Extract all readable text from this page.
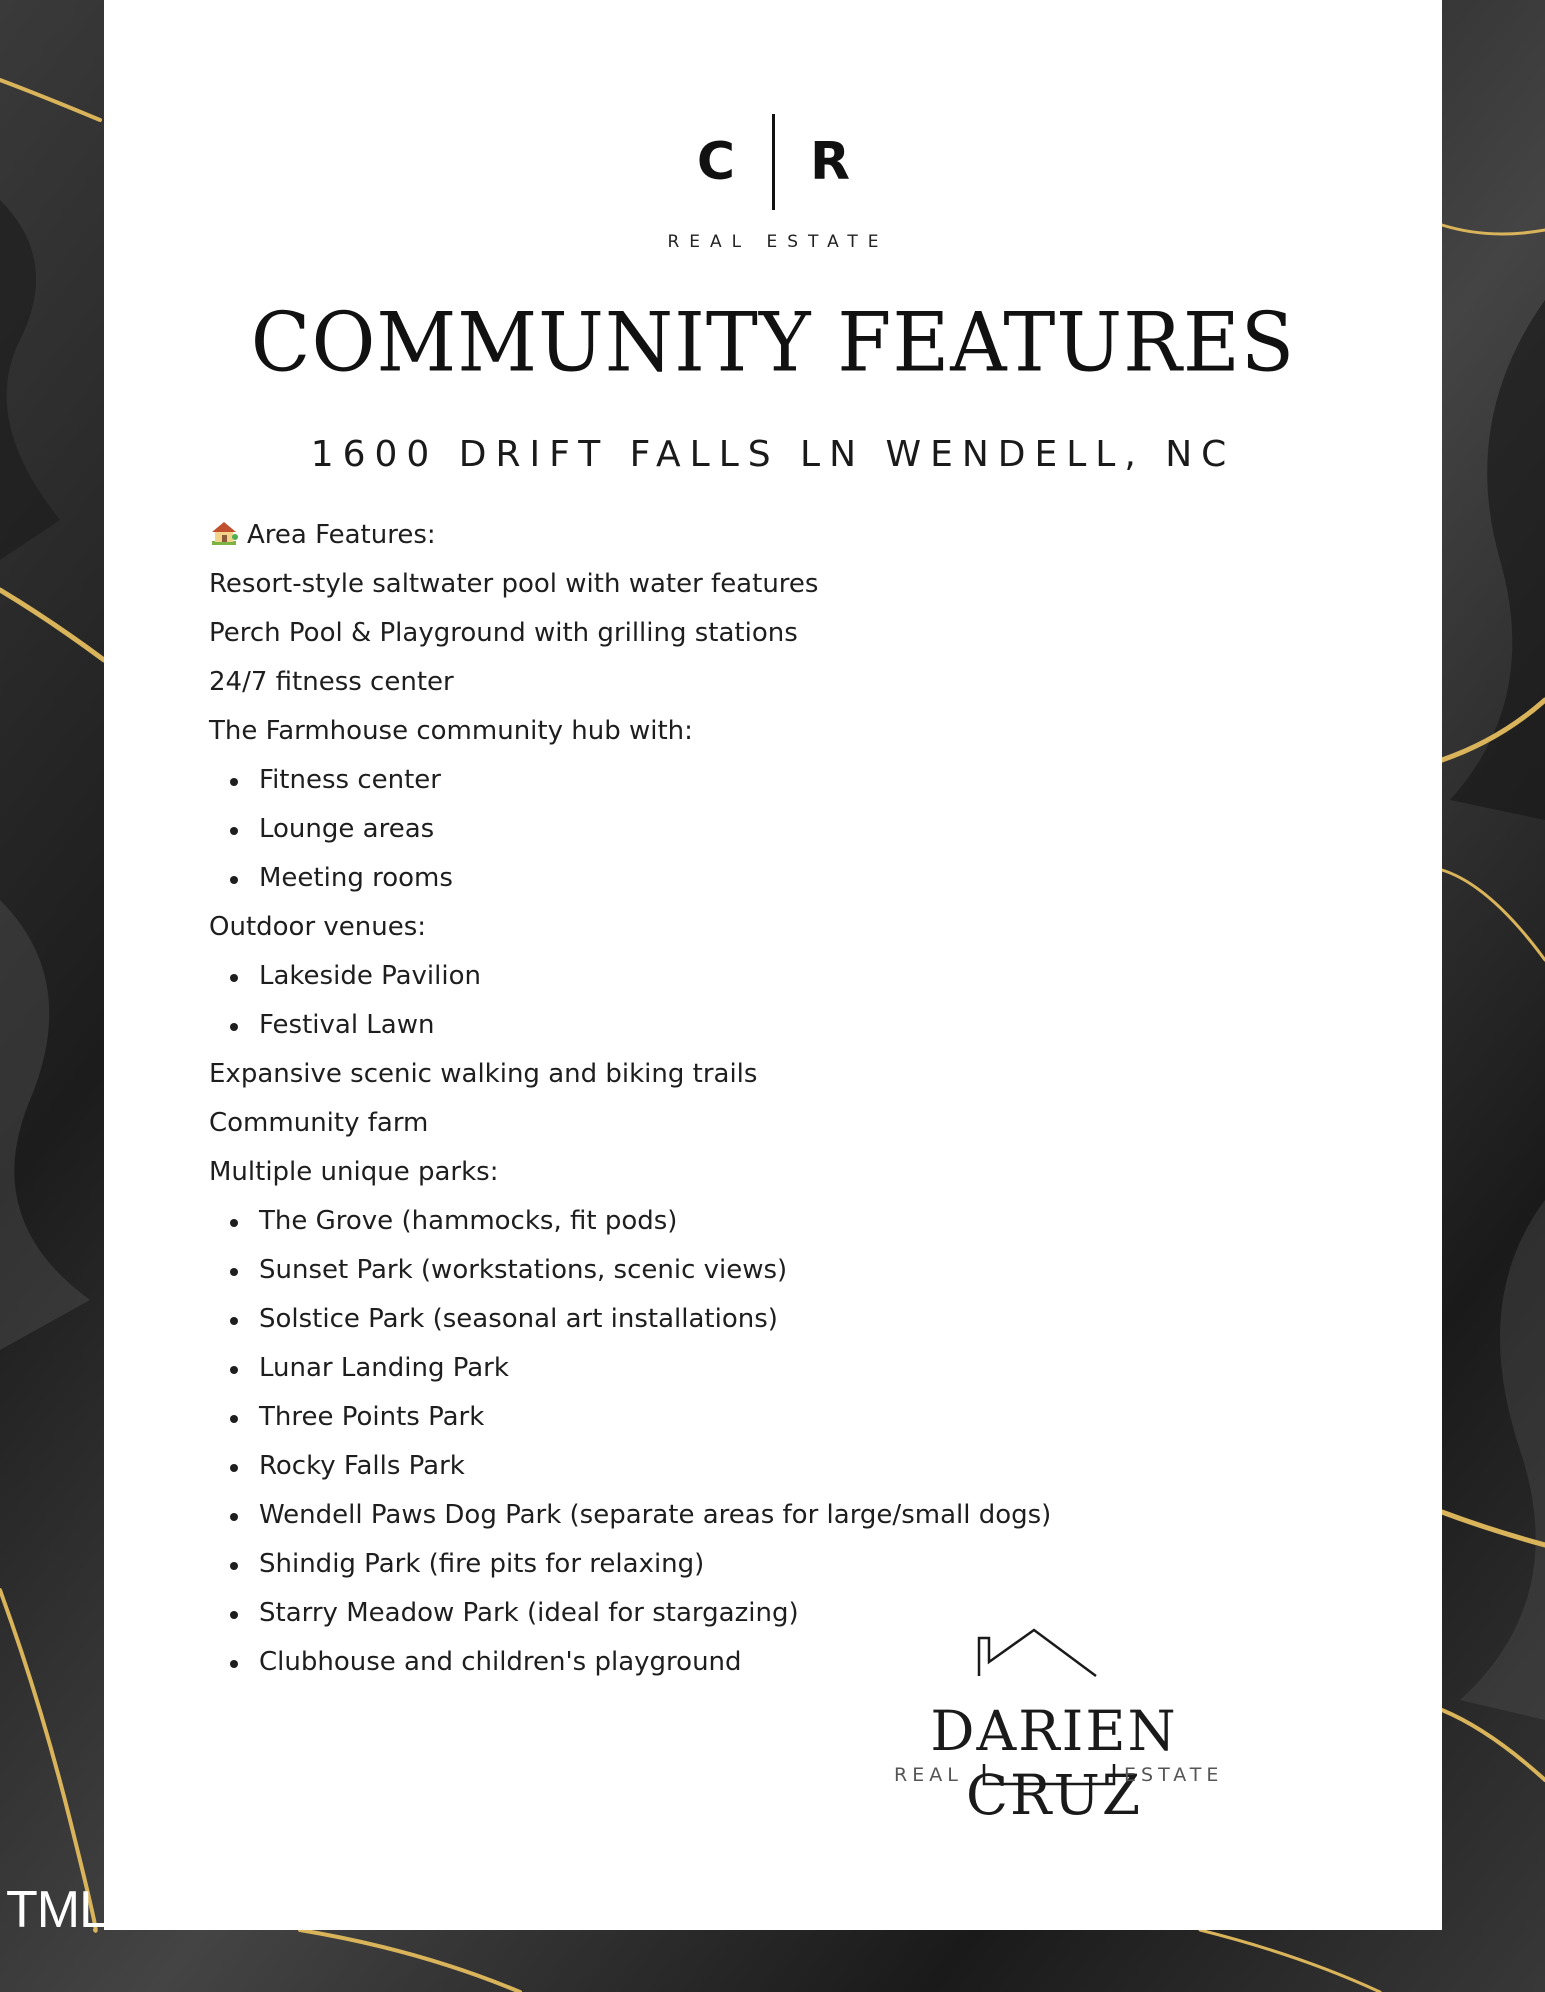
C R
REAL ESTATE
COMMUNITY FEATURES
1600 DRIFT FALLS LN WENDELL, NC
Area Features:
Resort-style saltwater pool with water features
Perch Pool & Playground with grilling stations
24/7 fitness center
The Farmhouse community hub with:
Fitness center
Lounge areas
Meeting rooms
Outdoor venues:
Lakeside Pavilion
Festival Lawn
Expansive scenic walking and biking trails
Community farm
Multiple unique parks:
The Grove (hammocks, fit pods)
Sunset Park (workstations, scenic views)
Solstice Park (seasonal art installations)
Lunar Landing Park
Three Points Park
Rocky Falls Park
Wendell Paws Dog Park (separate areas for large/small dogs)
Shindig Park (fire pits for relaxing)
Starry Meadow Park (ideal for stargazing)
Clubhouse and children's playground
DARIEN CRUZ
REAL	ESTATE
TMLS
